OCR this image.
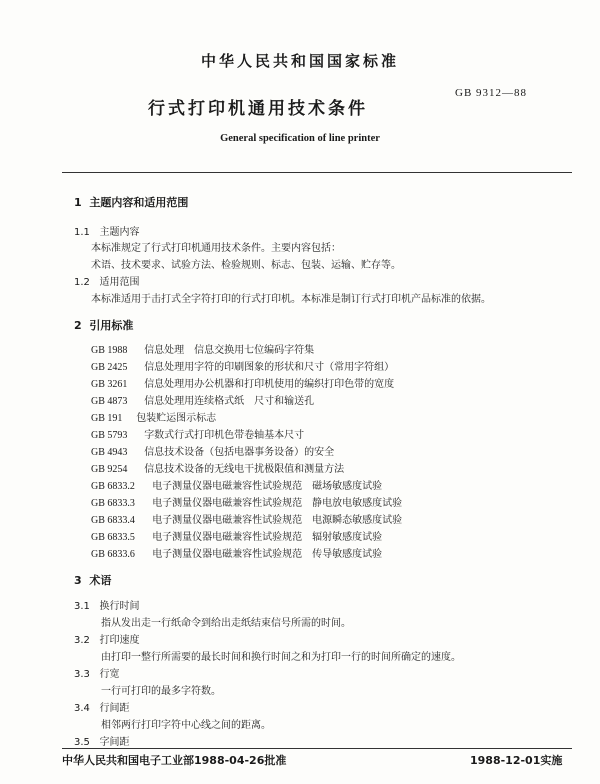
中华人民共和国国家标准
GB 9312—88
行式打印机通用技术条件
General specification of line printer
1 主题内容和适用范围
1.1 主题内容
本标准规定了行式打印机通用技术条件。主要内容包括：
术语、技术要求、试验方法、检验规则、标志、包装、运输、贮存等。
1.2 适用范围
本标准适用于击打式全字符打印的行式打印机。本标准是制订行式打印机产品标准的依据。
2 引用标准
GB 1988 信息处理　信息交换用七位编码字符集
GB 2425 信息处理用字符的印刷图象的形状和尺寸（常用字符组）
GB 3261 信息处理用办公机器和打印机使用的编织打印色带的宽度
GB 4873 信息处理用连续格式纸　尺寸和输送孔
GB 191 包装贮运图示标志
GB 5793 字数式行式打印机色带卷轴基本尺寸
GB 4943 信息技术设备（包括电器事务设备）的安全
GB 9254 信息技术设备的无线电干扰极限值和测量方法
GB 6833.2 电子测量仪器电磁兼容性试验规范　磁场敏感度试验
GB 6833.3 电子测量仪器电磁兼容性试验规范　静电放电敏感度试验
GB 6833.4 电子测量仪器电磁兼容性试验规范　电源瞬态敏感度试验
GB 6833.5 电子测量仪器电磁兼容性试验规范　辐射敏感度试验
GB 6833.6 电子测量仪器电磁兼容性试验规范　传导敏感度试验
3 术语
3.1 换行时间
指从发出走一行纸命令到给出走纸结束信号所需的时间。
3.2 打印速度
由打印一整行所需要的最长时间和换行时间之和为打印一行的时间所确定的速度。
3.3 行宽
一行可打印的最多字符数。
3.4 行间距
相邻两行打印字符中心线之间的距离。
3.5 字间距
中华人民共和国电子工业部1988-04-26批准	1988-12-01实施
